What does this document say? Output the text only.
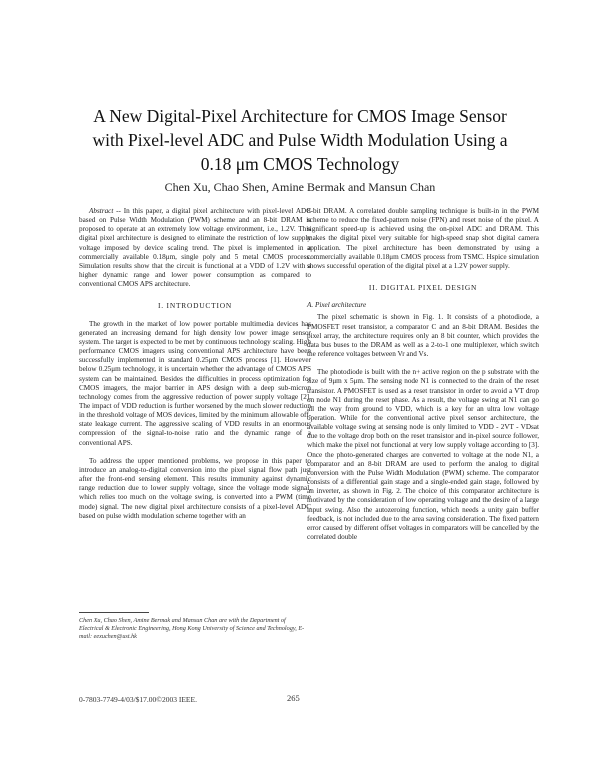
A New Digital-Pixel Architecture for CMOS Image Sensor
with Pixel-level ADC and Pulse Width Modulation Using a
0.18 μm CMOS Technology
Chen Xu, Chao Shen, Amine Bermak and Mansun Chan

Abstract -- In this paper, a digital pixel architecture with pixel-level ADC based on Pulse Width Modulation (PWM) scheme and an 8-bit DRAM is proposed to operate at an extremely low voltage environment, i.e., 1.2V. This digital pixel architecture is designed to eliminate the restriction of low supply voltage imposed by device scaling trend. The pixel is implemented in a commercially available 0.18μm, single poly and 5 metal CMOS process. Simulation results show that the circuit is functional at a VDD of 1.2V with a higher dynamic range and lower power consumption as compared to conventional CMOS APS architecture.

I. INTRODUCTION

The growth in the market of low power portable multimedia devices has generated an increasing demand for high density low power image sensor system. The target is expected to be met by continuous technology scaling. High performance CMOS imagers using conventional APS architecture have been successfully implemented in standard 0.25μm CMOS process [1]. However below 0.25μm technology, it is uncertain whether the advantage of CMOS APS system can be maintained. Besides the difficulties in process optimization for CMOS imagers, the major barrier in APS design with a deep sub-micron technology comes from the aggressive reduction of power supply voltage [2]. The impact of VDD reduction is further worsened by the much slower reduction in the threshold voltage of MOS devices, limited by the minimum allowable off-state leakage current. The aggressive scaling of VDD results in an enormous compression of the signal-to-noise ratio and the dynamic range of a conventional APS.

To address the upper mentioned problems, we propose in this paper to introduce an analog-to-digital conversion into the pixel signal flow path just after the front-end sensing element. This results immunity against dynamic range reduction due to lower supply voltage, since the voltage mode signal, which relies too much on the voltage swing, is converted into a PWM (time mode) signal. The new digital pixel architecture consists of a pixel-level ADC based on pulse width modulation scheme together with an

8-bit DRAM. A correlated double sampling technique is built-in in the PWM scheme to reduce the fixed-pattern noise (FPN) and reset noise of the pixel. A significant speed-up is achieved using the on-pixel ADC and DRAM. This makes the digital pixel very suitable for high-speed snap shot digital camera application. The pixel architecture has been demonstrated by using a commercially available 0.18μm CMOS process from TSMC. Hspice simulation shows successful operation of the digital pixel at a 1.2V power supply.

II. DIGITAL PIXEL DESIGN

A. Pixel architecture

The pixel schematic is shown in Fig. 1. It consists of a photodiode, a PMOSFET reset transistor, a comparator C and an 8-bit DRAM. Besides the pixel array, the architecture requires only an 8 bit counter, which provides the data bus buses to the DRAM as well as a 2-to-1 one multiplexer, which switch the reference voltages between Vr and Vs.

The photodiode is built with the n+ active region on the p substrate with the size of 9μm x 5μm. The sensing node N1 is connected to the drain of the reset transistor. A PMOSFET is used as a reset transistor in order to avoid a VT drop on node N1 during the reset phase. As a result, the voltage swing at N1 can go all the way from ground to VDD, which is a key for an ultra low voltage operation. While for the conventional active pixel sensor architecture, the available voltage swing at sensing node is only limited to VDD - 2VT - VDsat due to the voltage drop both on the reset transistor and in-pixel source follower, which make the pixel not functional at very low supply voltage according to [3]. Once the photo-generated charges are converted to voltage at the node N1, a comparator and an 8-bit DRAM are used to perform the analog to digital conversion with the Pulse Width Modulation (PWM) scheme. The comparator consists of a differential gain stage and a single-ended gain stage, followed by an inverter, as shown in Fig. 2. The choice of this comparator architecture is motivated by the consideration of low operating voltage and the desire of a large input swing. Also the autozeroing function, which needs a unity gain buffer feedback, is not included due to the area saving consideration. The fixed pattern error caused by different offset voltages in comparators will be cancelled by the correlated double

Chen Xu, Chao Shen, Amine Bermak and Mansun Chan are with the Department of Electrical & Electronic Engineering, Hong Kong University of Science and Technology, E-mail: eexuchen@ust.hk
0-7803-7749-4/03/$17.00©2003 IEEE.	265
